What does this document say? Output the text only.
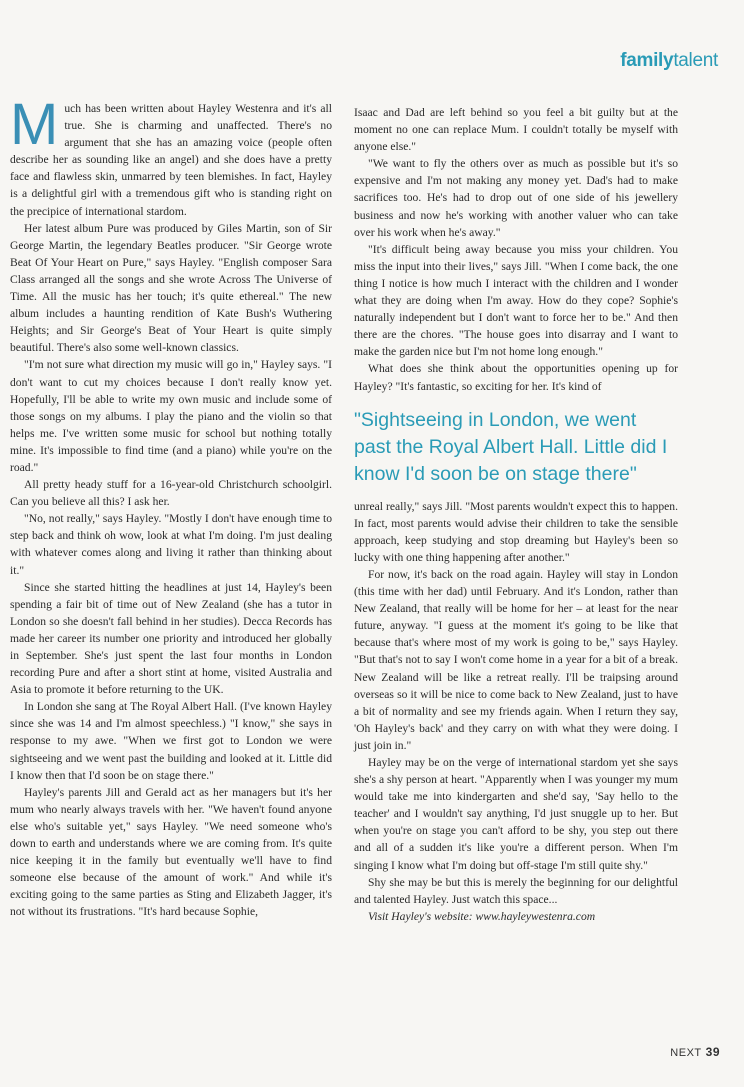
familytalent

Much has been written about Hayley Westenra and it's all true. She is charming and unaffected. There's no argument that she has an amazing voice (people often describe her as sounding like an angel) and she does have a pretty face and flawless skin, unmarred by teen blemishes. In fact, Hayley is a delightful girl with a tremendous gift who is standing right on the precipice of international stardom.

Her latest album Pure was produced by Giles Martin, son of Sir George Martin, the legendary Beatles producer. "Sir George wrote Beat Of Your Heart on Pure," says Hayley. "English composer Sara Class arranged all the songs and she wrote Across The Universe of Time. All the music has her touch; it's quite ethereal." The new album includes a haunting rendition of Kate Bush's Wuthering Heights; and Sir George's Beat of Your Heart is quite simply beautiful. There's also some well-known classics.

"I'm not sure what direction my music will go in," Hayley says. "I don't want to cut my choices because I don't really know yet. Hopefully, I'll be able to write my own music and include some of those songs on my albums. I play the piano and the violin so that helps me. I've written some music for school but nothing totally mine. It's impossible to find time (and a piano) while you're on the road."

All pretty heady stuff for a 16-year-old Christchurch schoolgirl. Can you believe all this? I ask her.

"No, not really," says Hayley. "Mostly I don't have enough time to step back and think oh wow, look at what I'm doing. I'm just dealing with whatever comes along and living it rather than thinking about it."

Since she started hitting the headlines at just 14, Hayley's been spending a fair bit of time out of New Zealand (she has a tutor in London so she doesn't fall behind in her studies). Decca Records has made her career its number one priority and introduced her globally in September. She's just spent the last four months in London recording Pure and after a short stint at home, visited Australia and Asia to promote it before returning to the UK.

In London she sang at The Royal Albert Hall. (I've known Hayley since she was 14 and I'm almost speechless.) "I know," she says in response to my awe. "When we first got to London we were sightseeing and we went past the building and looked at it. Little did I know then that I'd soon be on stage there."

Hayley's parents Jill and Gerald act as her managers but it's her mum who nearly always travels with her. "We haven't found anyone else who's suitable yet," says Hayley. "We need someone who's down to earth and understands where we are coming from. It's quite nice keeping it in the family but eventually we'll have to find someone else because of the amount of work." And while it's exciting going to the same parties as Sting and Elizabeth Jagger, it's not without its frustrations. "It's hard because Sophie,

Isaac and Dad are left behind so you feel a bit guilty but at the moment no one can replace Mum. I couldn't totally be myself with anyone else."

"We want to fly the others over as much as possible but it's so expensive and I'm not making any money yet. Dad's had to make sacrifices too. He's had to drop out of one side of his jewellery business and now he's working with another valuer who can take over his work when he's away."

"It's difficult being away because you miss your children. You miss the input into their lives," says Jill. "When I come back, the one thing I notice is how much I interact with the children and I wonder what they are doing when I'm away. How do they cope? Sophie's naturally independent but I don't want to force her to be." And then there are the chores. "The house goes into disarray and I want to make the garden nice but I'm not home long enough."

What does she think about the opportunities opening up for Hayley? "It's fantastic, so exciting for her. It's kind of

"Sightseeing in London, we went past the Royal Albert Hall. Little did I know I'd soon be on stage there"

unreal really," says Jill. "Most parents wouldn't expect this to happen. In fact, most parents would advise their children to take the sensible approach, keep studying and stop dreaming but Hayley's been so lucky with one thing happening after another."

For now, it's back on the road again. Hayley will stay in London (this time with her dad) until February. And it's London, rather than New Zealand, that really will be home for her – at least for the near future, anyway. "I guess at the moment it's going to be like that because that's where most of my work is going to be," says Hayley. "But that's not to say I won't come home in a year for a bit of a break. New Zealand will be like a retreat really. I'll be traipsing around overseas so it will be nice to come back to New Zealand, just to have a bit of normality and see my friends again. When I return they say, 'Oh Hayley's back' and they carry on with what they were doing. I just join in."

Hayley may be on the verge of international stardom yet she says she's a shy person at heart. "Apparently when I was younger my mum would take me into kindergarten and she'd say, 'Say hello to the teacher' and I wouldn't say anything, I'd just snuggle up to her. But when you're on stage you can't afford to be shy, you step out there and all of a sudden it's like you're a different person. When I'm singing I know what I'm doing but off-stage I'm still quite shy."

Shy she may be but this is merely the beginning for our delightful and talented Hayley. Just watch this space...

Visit Hayley's website: www.hayleywestenra.com

NEXT 39
